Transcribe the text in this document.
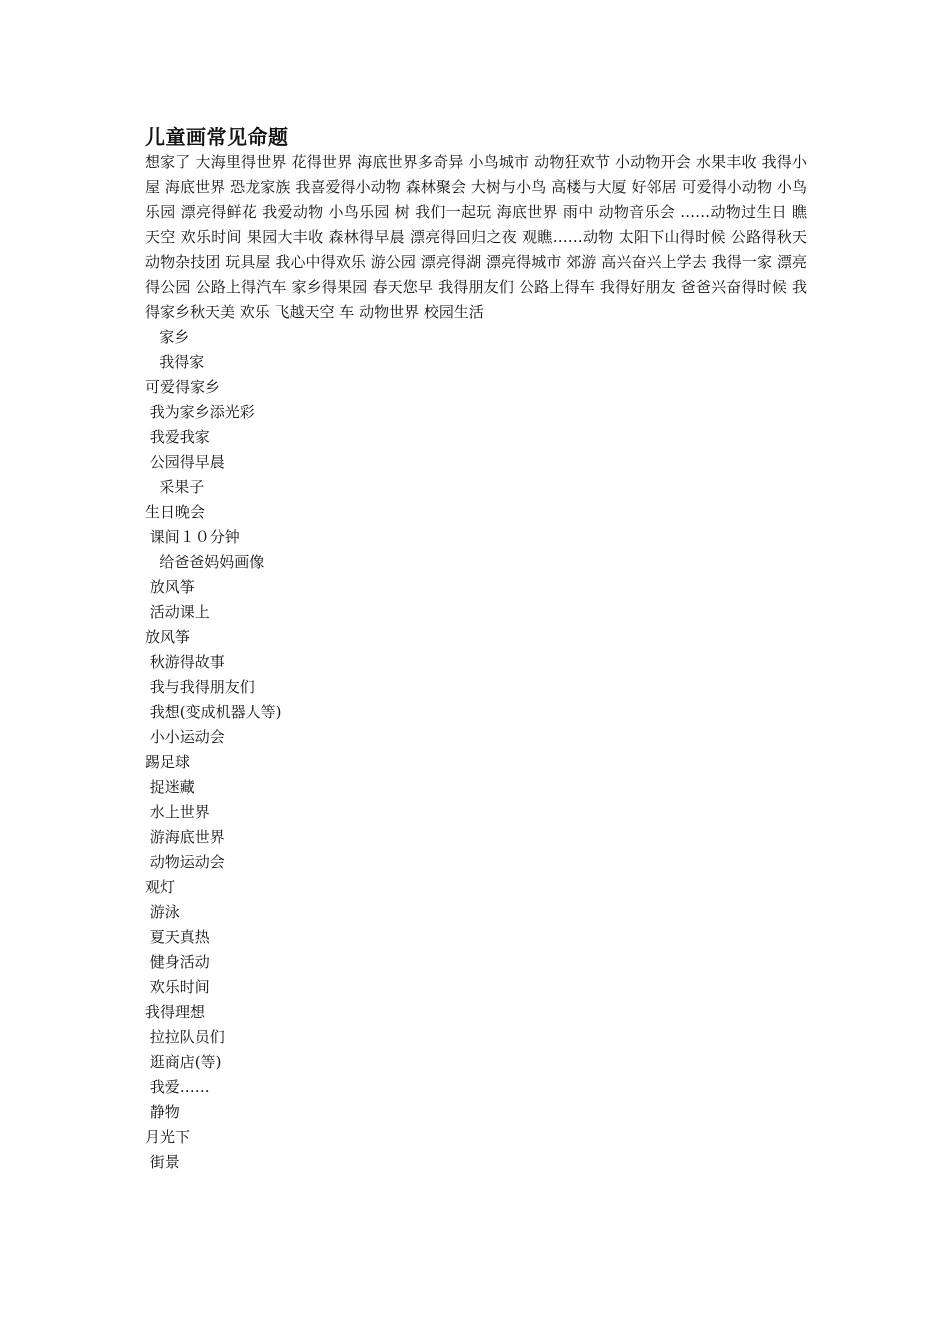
儿童画常见命题

想家了 大海里得世界 花得世界 海底世界多奇异 小鸟城市 动物狂欢节 小动物开会 水果丰收 我得小屋 海底世界 恐龙家族 我喜爱得小动物 森林聚会 大树与小鸟 高楼与大厦 好邻居 可爱得小动物 小鸟乐园 漂亮得鲜花 我爱动物 小鸟乐园 树 我们一起玩 海底世界 雨中 动物音乐会 ……动物过生日 瞧天空 欢乐时间 果园大丰收 森林得早晨 漂亮得回归之夜 观瞧……动物 太阳下山得时候 公路得秋天 动物杂技团 玩具屋 我心中得欢乐 游公园 漂亮得湖 漂亮得城市 郊游 高兴奋兴上学去 我得一家 漂亮得公园 公路上得汽车 家乡得果园 春天您早 我得朋友们 公路上得车 我得好朋友 爸爸兴奋得时候 我得家乡秋天美 欢乐 飞越天空 车 动物世界 校园生活

家乡
我得家
可爱得家乡
我为家乡添光彩
我爱我家
公园得早晨
采果子
生日晚会
课间１０分钟
给爸爸妈妈画像
放风筝
活动课上
放风筝
秋游得故事
我与我得朋友们
我想(变成机器人等)
小小运动会
踢足球
捉迷藏
水上世界
游海底世界
动物运动会
观灯
游泳
夏天真热
健身活动
欢乐时间
我得理想
拉拉队员们
逛商店(等)
我爱……
静物
月光下
街景
